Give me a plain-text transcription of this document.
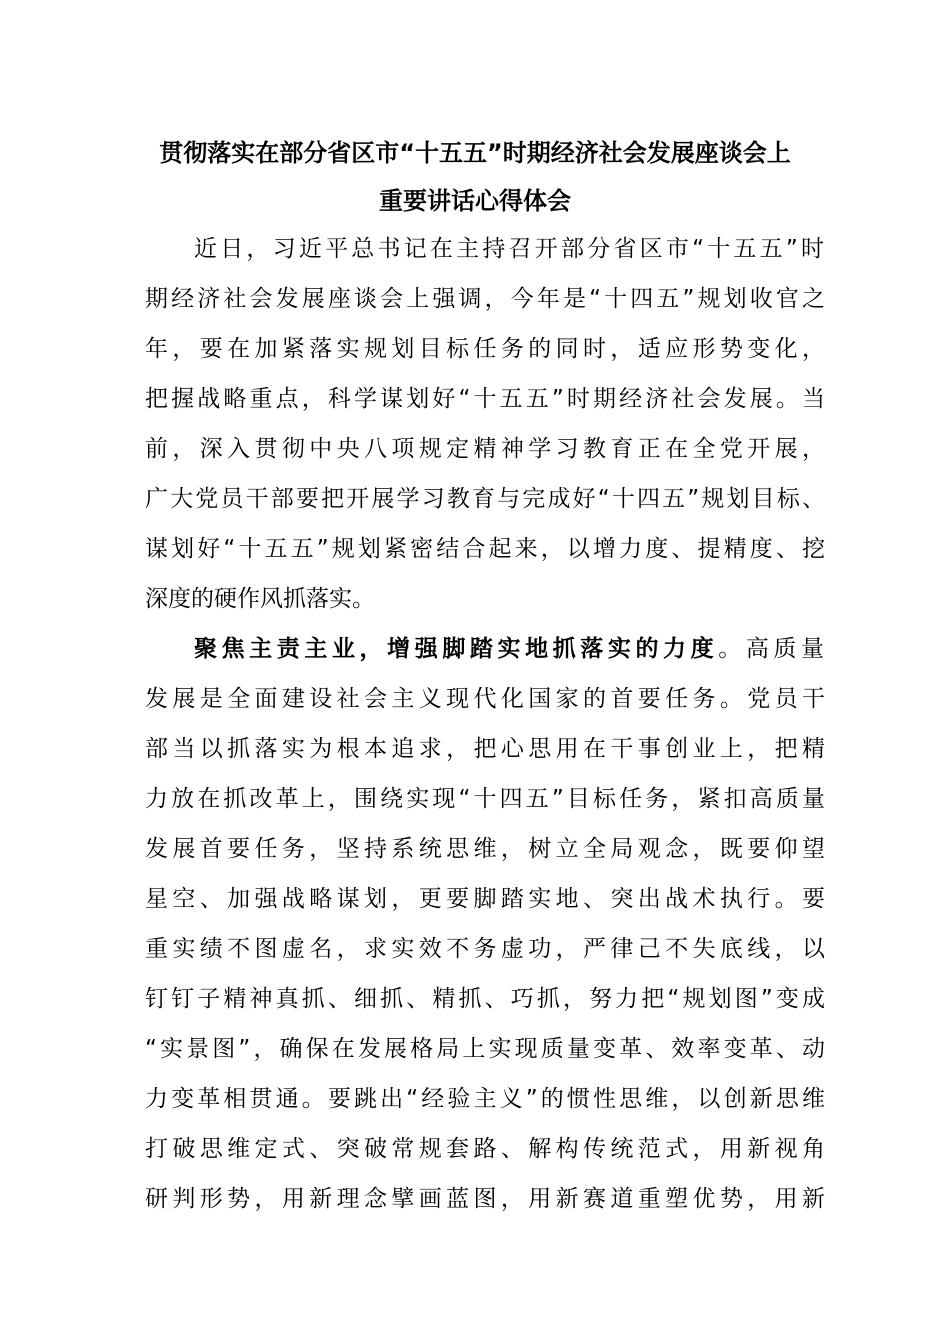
贯彻落实在部分省区市“十五五”时期经济社会发展座谈会上
重要讲话心得体会
近日，习近平总书记在主持召开部分省区市“十五五”时
期经济社会发展座谈会上强调，今年是“十四五”规划收官之
年，要在加紧落实规划目标任务的同时，适应形势变化，
把握战略重点，科学谋划好“十五五”时期经济社会发展。当
前，深入贯彻中央八项规定精神学习教育正在全党开展，
广大党员干部要把开展学习教育与完成好“十四五”规划目标、
谋划好“十五五”规划紧密结合起来，以增力度、提精度、挖
深度的硬作风抓落实。
聚焦主责主业，增强脚踏实地抓落实的力度。高质量
发展是全面建设社会主义现代化国家的首要任务。党员干
部当以抓落实为根本追求，把心思用在干事创业上，把精
力放在抓改革上，围绕实现“十四五”目标任务，紧扣高质量
发展首要任务，坚持系统思维，树立全局观念，既要仰望
星空、加强战略谋划，更要脚踏实地、突出战术执行。要
重实绩不图虚名，求实效不务虚功，严律己不失底线，以
钉钉子精神真抓、细抓、精抓、巧抓，努力把“规划图”变成
“实景图”，确保在发展格局上实现质量变革、效率变革、动
力变革相贯通。要跳出“经验主义”的惯性思维，以创新思维
打破思维定式、突破常规套路、解构传统范式，用新视角
研判形势，用新理念擘画蓝图，用新赛道重塑优势，用新
